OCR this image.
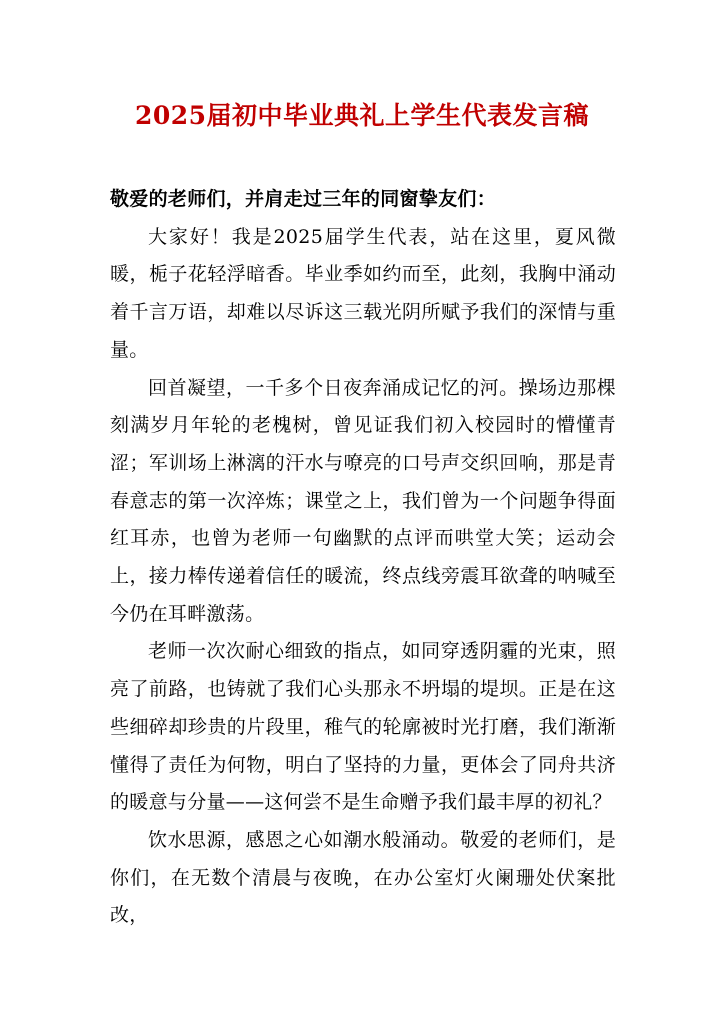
2025届初中毕业典礼上学生代表发言稿

敬爱的老师们，并肩走过三年的同窗挚友们：

大家好！我是2025届学生代表，站在这里，夏风微暖，栀子花轻浮暗香。毕业季如约而至，此刻，我胸中涌动着千言万语，却难以尽诉这三载光阴所赋予我们的深情与重量。

回首凝望，一千多个日夜奔涌成记忆的河。操场边那棵刻满岁月年轮的老槐树，曾见证我们初入校园时的懵懂青涩；军训场上淋漓的汗水与嘹亮的口号声交织回响，那是青春意志的第一次淬炼；课堂之上，我们曾为一个问题争得面红耳赤，也曾为老师一句幽默的点评而哄堂大笑；运动会上，接力棒传递着信任的暖流，终点线旁震耳欲聋的呐喊至今仍在耳畔激荡。

老师一次次耐心细致的指点，如同穿透阴霾的光束，照亮了前路，也铸就了我们心头那永不坍塌的堤坝。正是在这些细碎却珍贵的片段里，稚气的轮廓被时光打磨，我们渐渐懂得了责任为何物，明白了坚持的力量，更体会了同舟共济的暖意与分量——这何尝不是生命赠予我们最丰厚的初礼？

饮水思源，感恩之心如潮水般涌动。敬爱的老师们，是你们，在无数个清晨与夜晚，在办公室灯火阑珊处伏案批改，
